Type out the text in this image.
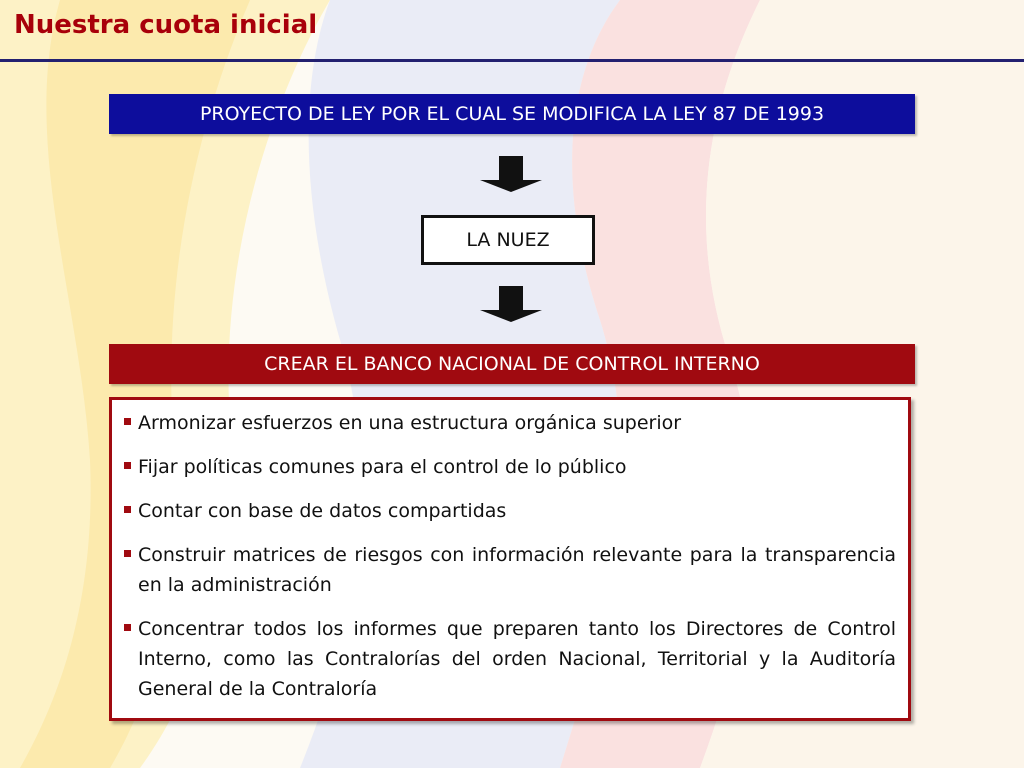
Nuestra cuota inicial
PROYECTO DE LEY POR EL CUAL SE MODIFICA LA LEY 87 DE 1993
LA NUEZ
CREAR EL BANCO NACIONAL DE CONTROL INTERNO
Armonizar esfuerzos en una estructura orgánica superior
Fijar políticas comunes para el control de lo público
Contar con base de datos compartidas
Construir matrices de riesgos con información relevante para la transparencia en la administración
Concentrar todos los informes que preparen tanto los Directores de Control Interno, como las Contralorías del orden Nacional, Territorial y la Auditoría General de la Contraloría
